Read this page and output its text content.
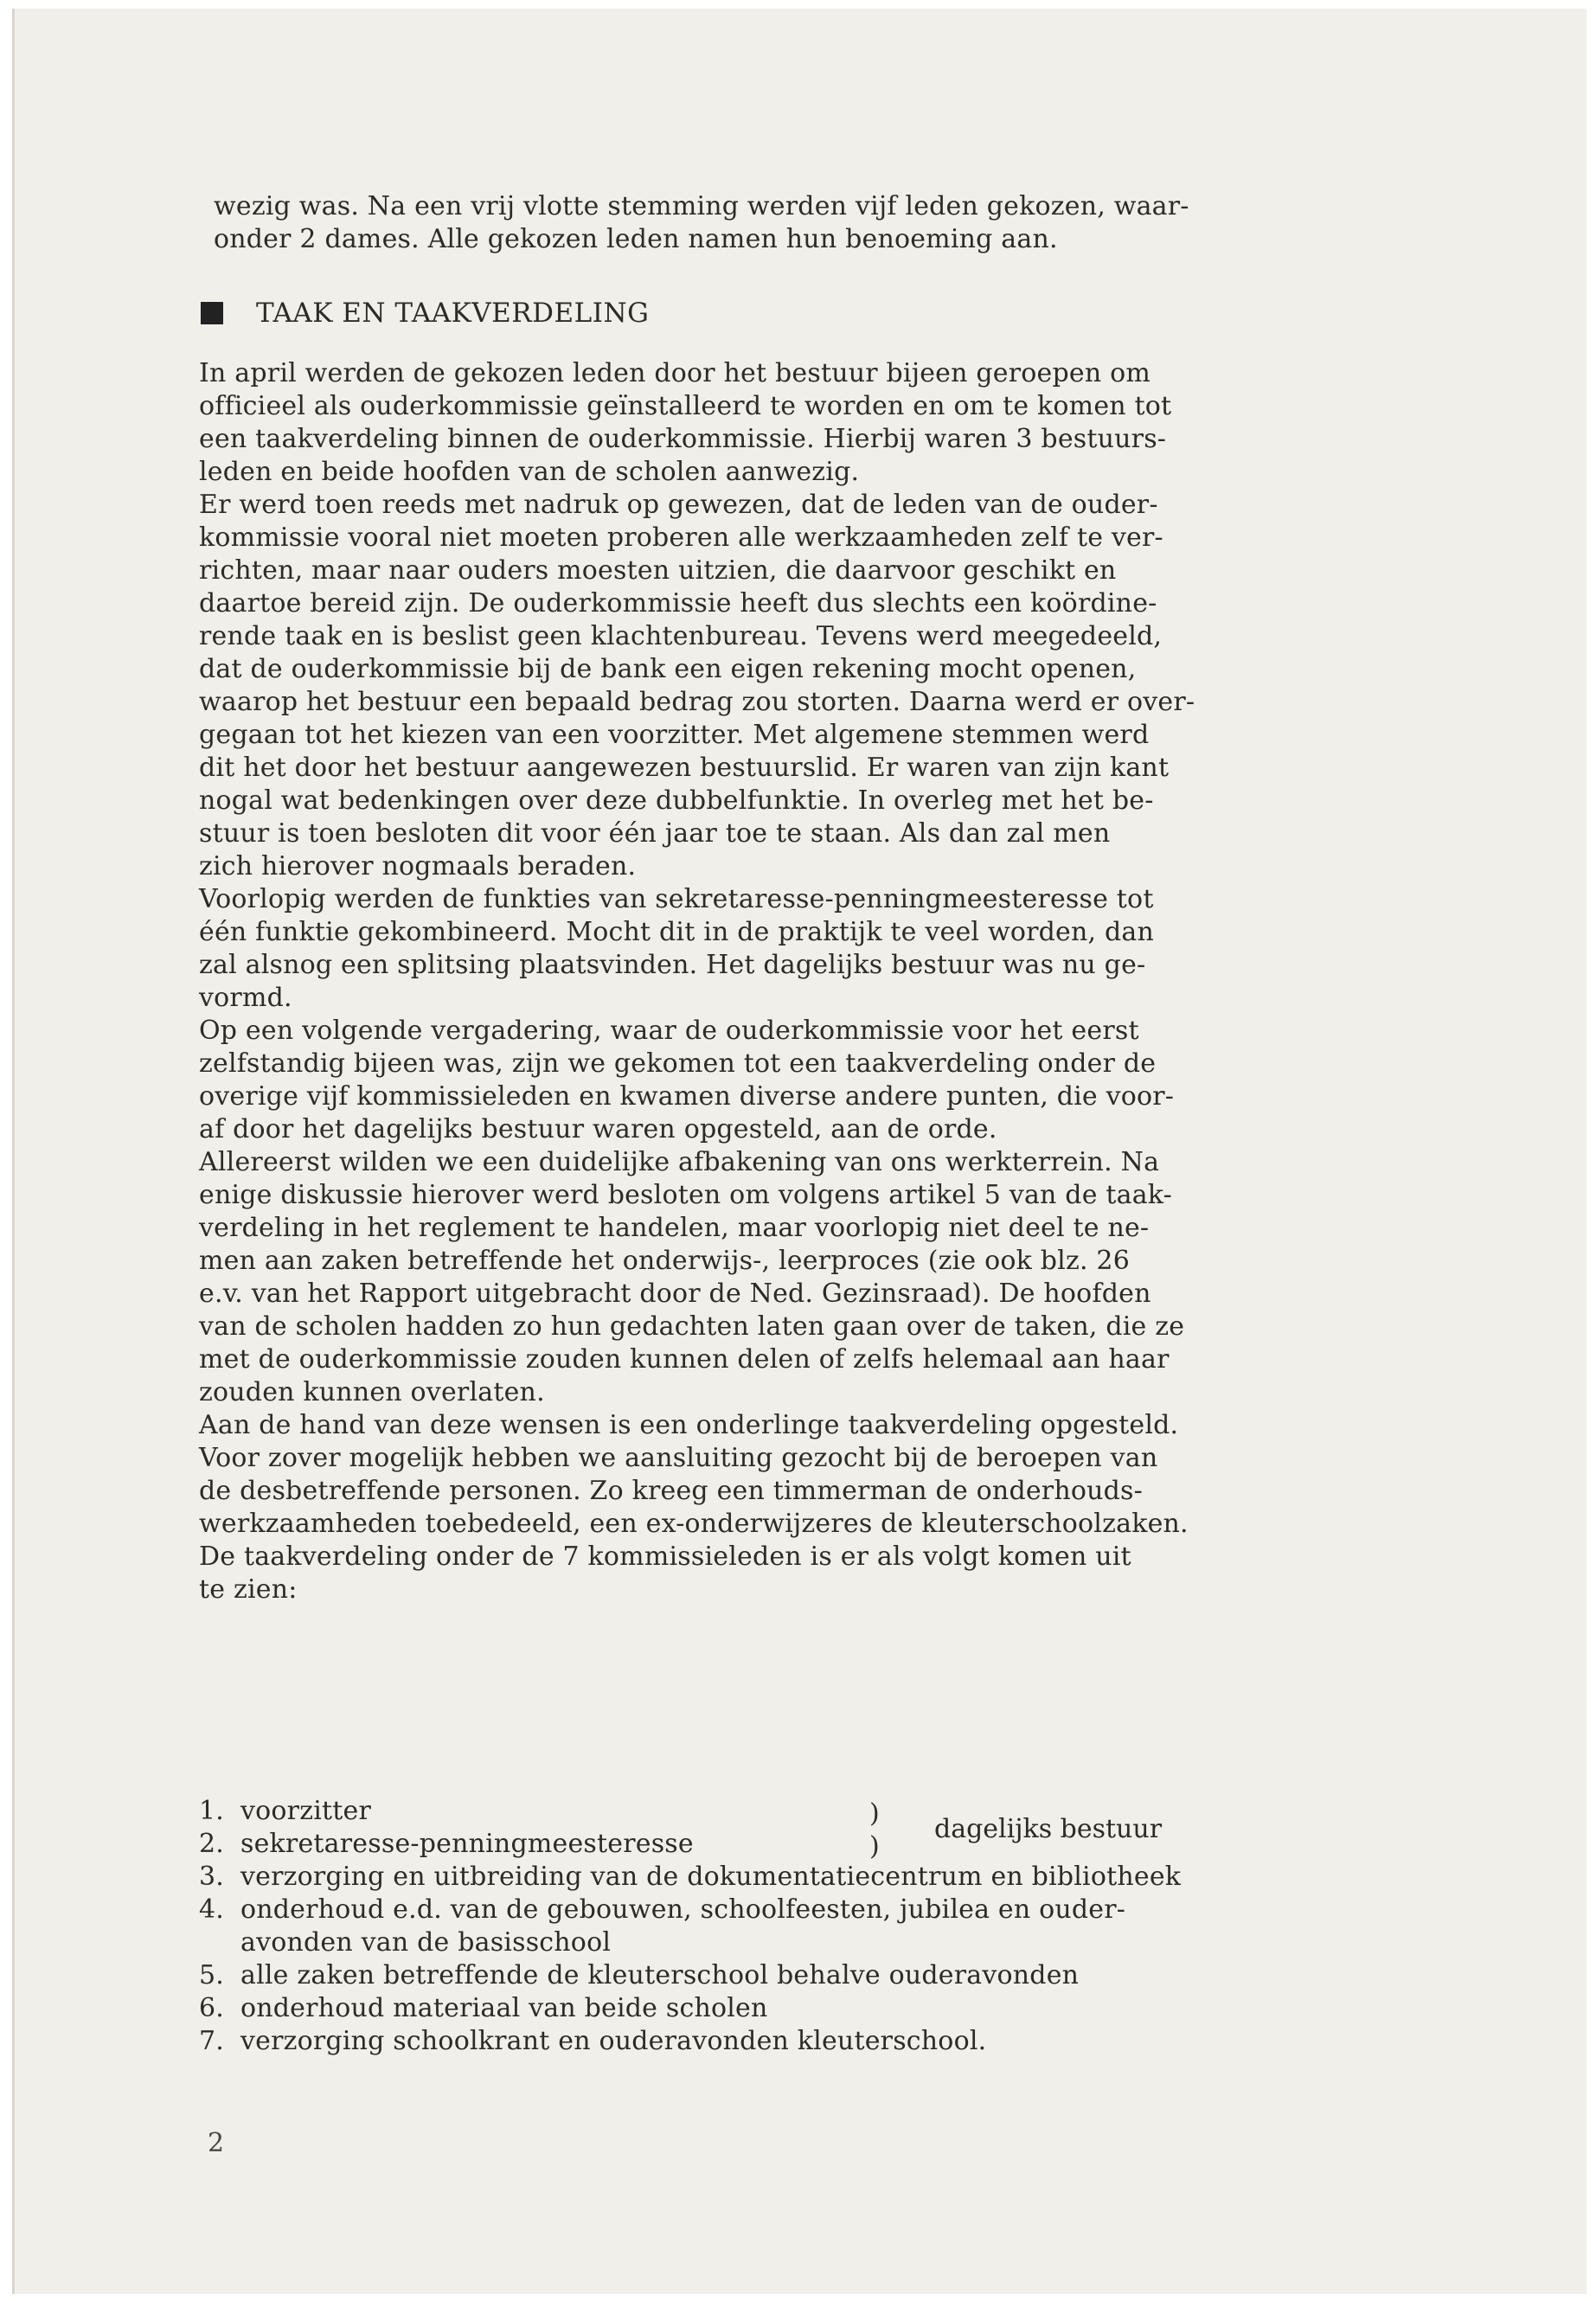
wezig was. Na een vrij vlotte stemming werden vijf leden gekozen, waar-
onder 2 dames. Alle gekozen leden namen hun benoeming aan.
TAAK EN TAAKVERDELING
In april werden de gekozen leden door het bestuur bijeen geroepen om
officieel als ouderkommissie geïnstalleerd te worden en om te komen tot
een taakverdeling binnen de ouderkommissie. Hierbij waren 3 bestuurs-
leden en beide hoofden van de scholen aanwezig.
Er werd toen reeds met nadruk op gewezen, dat de leden van de ouder-
kommissie vooral niet moeten proberen alle werkzaamheden zelf te ver-
richten, maar naar ouders moesten uitzien, die daarvoor geschikt en
daartoe bereid zijn. De ouderkommissie heeft dus slechts een koördine-
rende taak en is beslist geen klachtenbureau. Tevens werd meegedeeld,
dat de ouderkommissie bij de bank een eigen rekening mocht openen,
waarop het bestuur een bepaald bedrag zou storten. Daarna werd er over-
gegaan tot het kiezen van een voorzitter. Met algemene stemmen werd
dit het door het bestuur aangewezen bestuurslid. Er waren van zijn kant
nogal wat bedenkingen over deze dubbelfunktie. In overleg met het be-
stuur is toen besloten dit voor één jaar toe te staan. Als dan zal men
zich hierover nogmaals beraden.
Voorlopig werden de funkties van sekretaresse-penningmeesteresse tot
één funktie gekombineerd. Mocht dit in de praktijk te veel worden, dan
zal alsnog een splitsing plaatsvinden. Het dagelijks bestuur was nu ge-
vormd.
Op een volgende vergadering, waar de ouderkommissie voor het eerst
zelfstandig bijeen was, zijn we gekomen tot een taakverdeling onder de
overige vijf kommissieleden en kwamen diverse andere punten, die voor-
af door het dagelijks bestuur waren opgesteld, aan de orde.
Allereerst wilden we een duidelijke afbakening van ons werkterrein. Na
enige diskussie hierover werd besloten om volgens artikel 5 van de taak-
verdeling in het reglement te handelen, maar voorlopig niet deel te ne-
men aan zaken betreffende het onderwijs-, leerproces (zie ook blz. 26
e.v. van het Rapport uitgebracht door de Ned. Gezinsraad). De hoofden
van de scholen hadden zo hun gedachten laten gaan over de taken, die ze
met de ouderkommissie zouden kunnen delen of zelfs helemaal aan haar
zouden kunnen overlaten.
Aan de hand van deze wensen is een onderlinge taakverdeling opgesteld.
Voor zover mogelijk hebben we aansluiting gezocht bij de beroepen van
de desbetreffende personen. Zo kreeg een timmerman de onderhouds-
werkzaamheden toebedeeld, een ex-onderwijzeres de kleuterschoolzaken.
De taakverdeling onder de 7 kommissieleden is er als volgt komen uit
te zien:
1. voorzitter
2. sekretaresse-penningmeesteresse
3. verzorging en uitbreiding van de dokumentatiecentrum en bibliotheek
4. onderhoud e.d. van de gebouwen, schoolfeesten, jubilea en ouder-
avonden van de basisschool
5. alle zaken betreffende de kleuterschool behalve ouderavonden
6. onderhoud materiaal van beide scholen
7. verzorging schoolkrant en ouderavonden kleuterschool.
)
)
dagelijks bestuur
2
